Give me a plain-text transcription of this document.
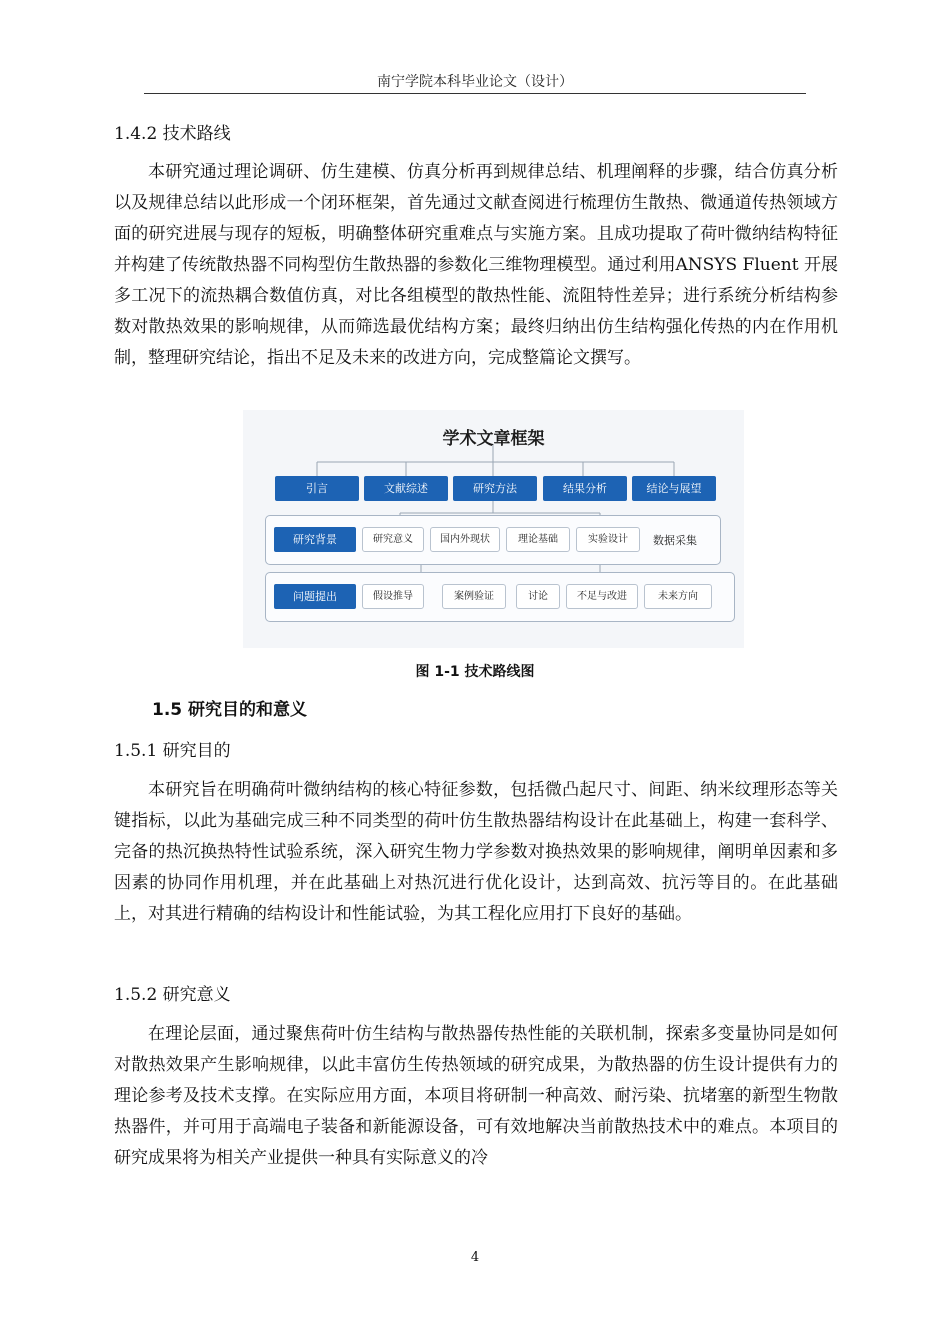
南宁学院本科毕业论文（设计）
1.4.2 技术路线
本研究通过理论调研、仿生建模、仿真分析再到规律总结、机理阐释的步骤，结合仿真分析以及规律总结以此形成一个闭环框架，首先通过文献查阅进行梳理仿生散热、微通道传热领域方面的研究进展与现存的短板，明确整体研究重难点与实施方案。且成功提取了荷叶微纳结构特征并构建了传统散热器不同构型仿生散热器的参数化三维物理模型。通过利用ANSYS Fluent 开展多工况下的流热耦合数值仿真，对比各组模型的散热性能、流阻特性差异；进行系统分析结构参数对散热效果的影响规律，从而筛选最优结构方案；最终归纳出仿生结构强化传热的内在作用机制，整理研究结论，指出不足及未来的改进方向，完成整篇论文撰写。
学术文章框架
引言	文献综述	研究方法	结果分析	结论与展望
研究背景	研究意义	国内外现状	理论基础	实验设计	数据采集
问题提出	假设推导	案例验证	讨论	不足与改进	未来方向
图 1-1 技术路线图
1.5 研究目的和意义
1.5.1 研究目的
本研究旨在明确荷叶微纳结构的核心特征参数，包括微凸起尺寸、间距、纳米纹理形态等关键指标，以此为基础完成三种不同类型的荷叶仿生散热器结构设计在此基础上，构建一套科学、完备的热沉换热特性试验系统，深入研究生物力学参数对换热效果的影响规律，阐明单因素和多因素的协同作用机理，并在此基础上对热沉进行优化设计，达到高效、抗污等目的。在此基础上，对其进行精确的结构设计和性能试验，为其工程化应用打下良好的基础。
1.5.2 研究意义
在理论层面，通过聚焦荷叶仿生结构与散热器传热性能的关联机制，探索多变量协同是如何对散热效果产生影响规律，以此丰富仿生传热领域的研究成果，为散热器的仿生设计提供有力的理论参考及技术支撑。在实际应用方面，本项目将研制一种高效、耐污染、抗堵塞的新型生物散热器件，并可用于高端电子装备和新能源设备，可有效地解决当前散热技术中的难点。本项目的研究成果将为相关产业提供一种具有实际意义的冷
4
